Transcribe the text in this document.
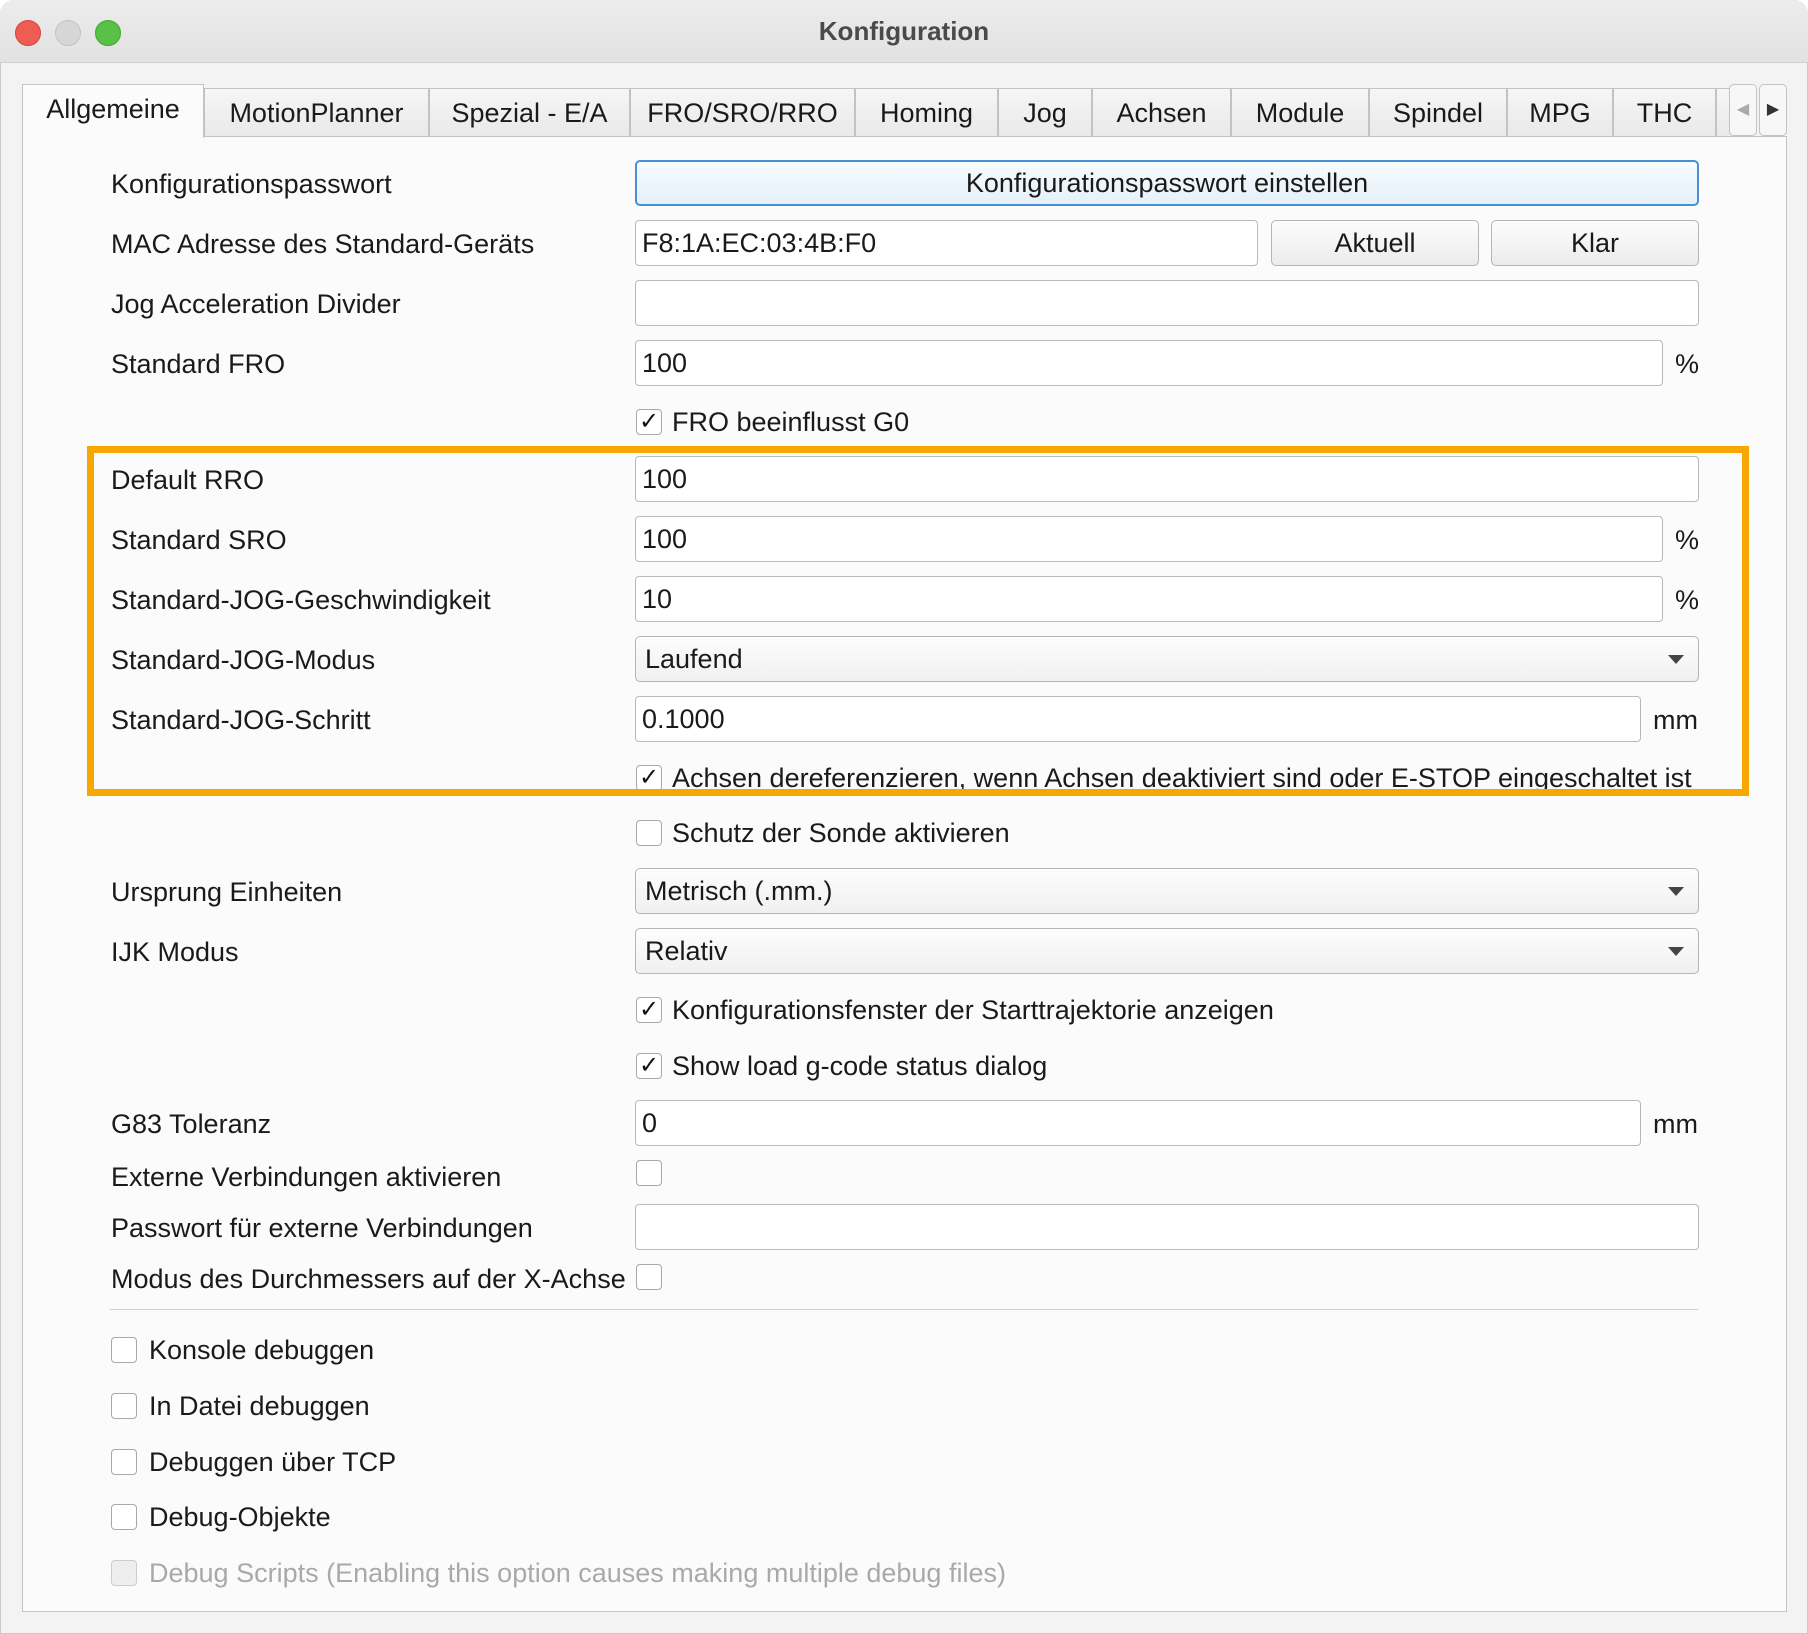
Konfiguration
Allgemeine	MotionPlanner	Spezial - E/A	FRO/SRO/RRO	Homing	Jog	Achsen	Module	Spindel	MPG	THC	◀	▶
Konfigurationspasswort	Konfigurationspasswort einstellen
MAC Adresse des Standard-Geräts	F8:1A:EC:03:4B:F0	Aktuell	Klar
Jog Acceleration Divider
Standard FRO	100	%
✓ FRO beeinflusst G0
Default RRO	100
Standard SRO	100	%
Standard-JOG-Geschwindigkeit	10	%
Standard-JOG-Modus	Laufend
Standard-JOG-Schritt	0.1000	mm
✓ Achsen dereferenzieren, wenn Achsen deaktiviert sind oder E-STOP eingeschaltet ist
Schutz der Sonde aktivieren
Ursprung Einheiten	Metrisch (.mm.)
IJK Modus	Relativ
✓ Konfigurationsfenster der Starttrajektorie anzeigen
✓ Show load g-code status dialog
G83 Toleranz	0	mm
Externe Verbindungen aktivieren
Passwort für externe Verbindungen
Modus des Durchmessers auf der X-Achse
Konsole debuggen
In Datei debuggen
Debuggen über TCP
Debug-Objekte
Debug Scripts (Enabling this option causes making multiple debug files)
